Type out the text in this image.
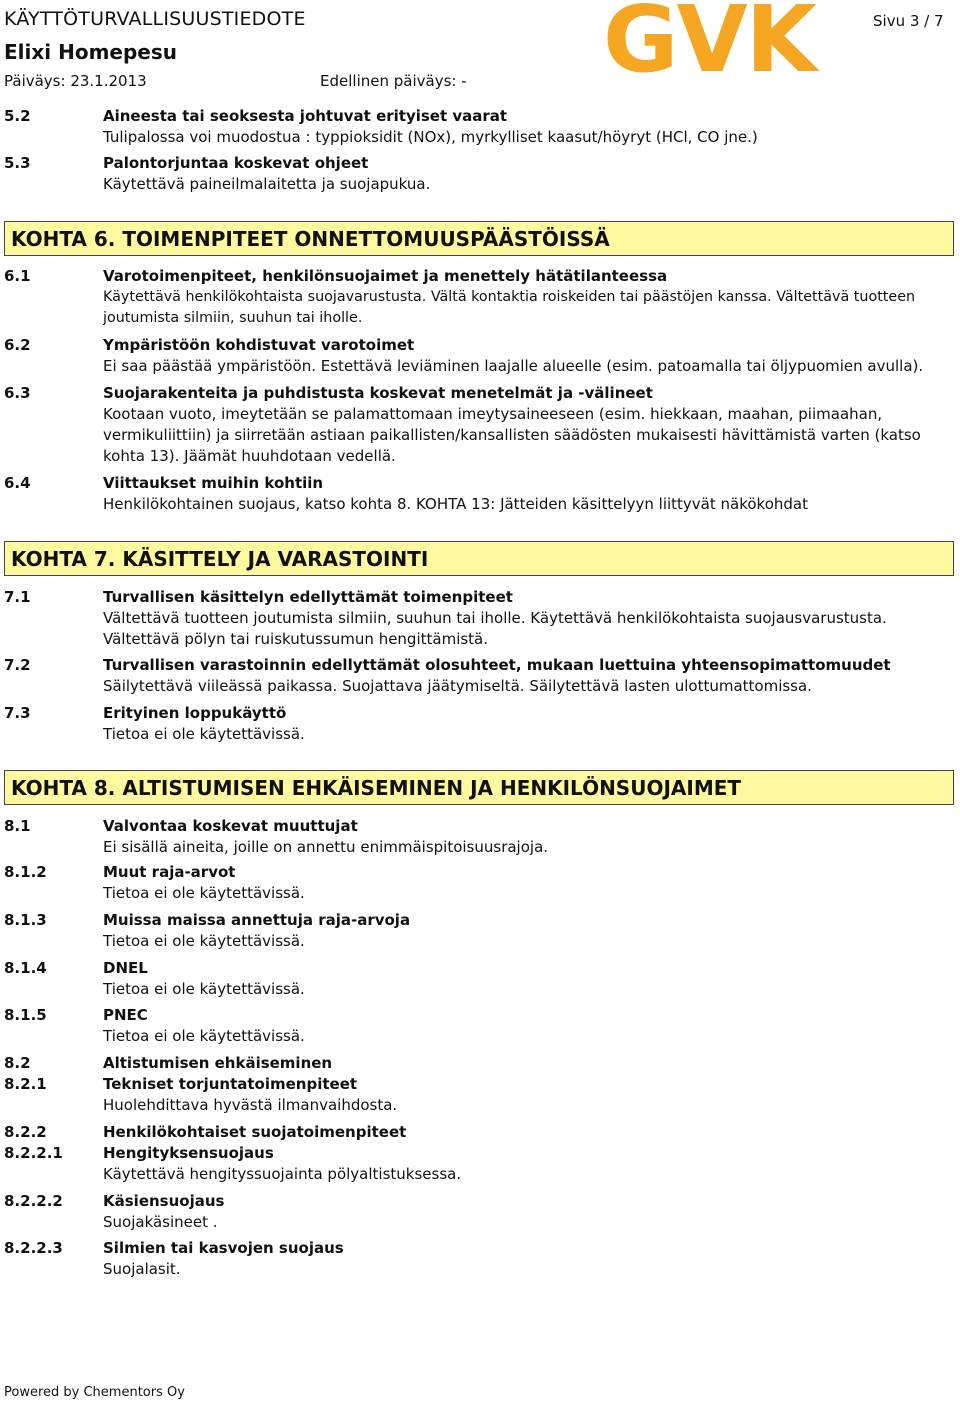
KÄYTTÖTURVALLISUUSTIEDOTE
Elixi Homepesu
Päiväys: 23.1.2013	Edellinen päiväys: - GVK	Sivu 3 / 7
5.2	Aineesta tai seoksesta johtuvat erityiset vaarat
Tulipalossa voi muodostua : typpioksidit (NOx), myrkylliset kaasut/höyryt (HCl, CO jne.)
5.3	Palontorjuntaa koskevat ohjeet
Käytettävä paineilmalaitetta ja suojapukua.
KOHTA 6. TOIMENPITEET ONNETTOMUUSPÄÄSTÖISSÄ
6.1	Varotoimenpiteet, henkilönsuojaimet ja menettely hätätilanteessa
Käytettävä henkilökohtaista suojavarustusta. Vältä kontaktia roiskeiden tai päästöjen kanssa. Vältettävä tuotteen joutumista silmiin, suuhun tai iholle.
6.2	Ympäristöön kohdistuvat varotoimet
Ei saa päästää ympäristöön. Estettävä leviäminen laajalle alueelle (esim. patoamalla tai öljypuomien avulla).
6.3	Suojarakenteita ja puhdistusta koskevat menetelmät ja -välineet
Kootaan vuoto, imeytetään se palamattomaan imeytysaineeseen (esim. hiekkaan, maahan, piimaahan, vermikuliittiin) ja siirretään astiaan paikallisten/kansallisten säädösten mukaisesti hävittämistä varten (katso kohta 13). Jäämät huuhdotaan vedellä.
6.4	Viittaukset muihin kohtiin
Henkilökohtainen suojaus, katso kohta 8. KOHTA 13: Jätteiden käsittelyyn liittyvät näkökohdat
KOHTA 7. KÄSITTELY JA VARASTOINTI
7.1	Turvallisen käsittelyn edellyttämät toimenpiteet
Vältettävä tuotteen joutumista silmiin, suuhun tai iholle. Käytettävä henkilökohtaista suojausvarustusta. Vältettävä pölyn tai ruiskutussumun hengittämistä.
7.2	Turvallisen varastoinnin edellyttämät olosuhteet, mukaan luettuina yhteensopimattomuudet
Säilytettävä viileässä paikassa. Suojattava jäätymiseltä. Säilytettävä lasten ulottumattomissa.
7.3	Erityinen loppukäyttö
Tietoa ei ole käytettävissä.
KOHTA 8. ALTISTUMISEN EHKÄISEMINEN JA HENKILÖNSUOJAIMET
8.1	Valvontaa koskevat muuttujat
Ei sisällä aineita, joille on annettu enimmäispitoisuusrajoja.
8.1.2	Muut raja-arvot
Tietoa ei ole käytettävissä.
8.1.3	Muissa maissa annettuja raja-arvoja
Tietoa ei ole käytettävissä.
8.1.4	DNEL
Tietoa ei ole käytettävissä.
8.1.5	PNEC
Tietoa ei ole käytettävissä.
8.2	Altistumisen ehkäiseminen
8.2.1	Tekniset torjuntatoimenpiteet
Huolehdittava hyvästä ilmanvaihdosta.
8.2.2	Henkilökohtaiset suojatoimenpiteet
8.2.2.1	Hengityksensuojaus
Käytettävä hengityssuojainta pölyaltistuksessa.
8.2.2.2	Käsiensuojaus
Suojakäsineet .
8.2.2.3	Silmien tai kasvojen suojaus
Suojalasit.
Powered by Chementors Oy
